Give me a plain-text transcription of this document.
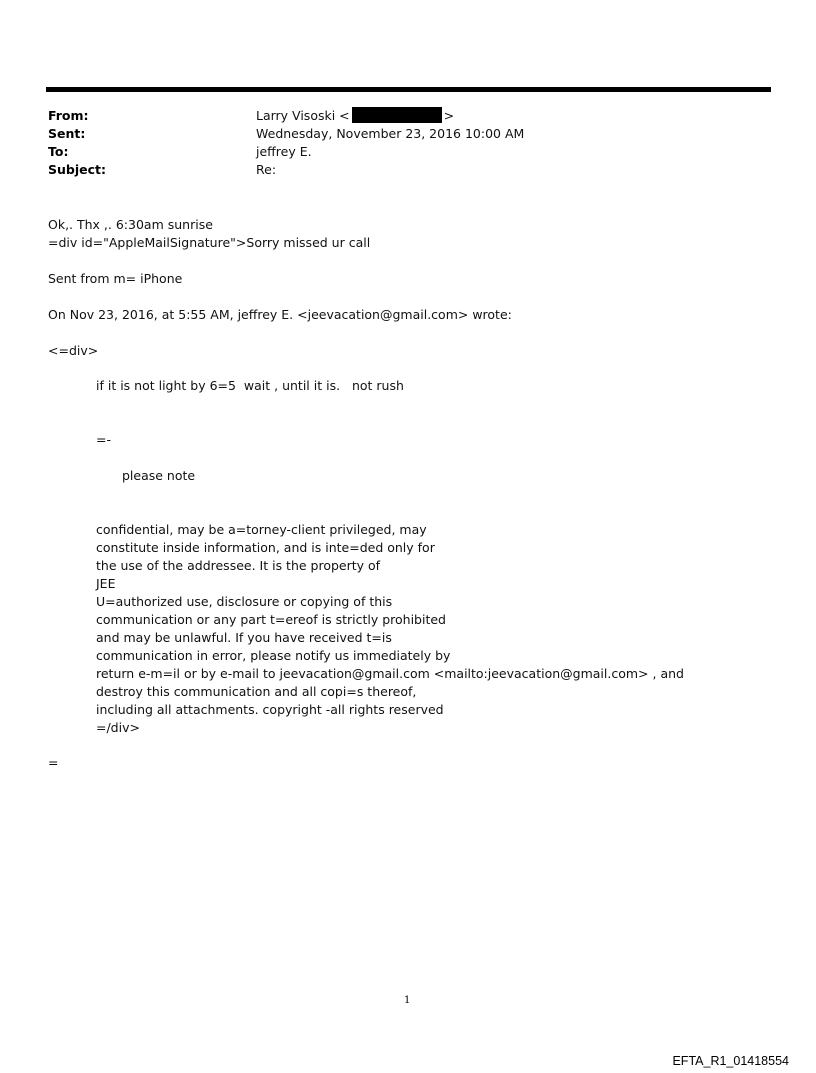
From:	Larry Visoski <	>
Sent:	Wednesday, November 23, 2016 10:00 AM
To:	jeffrey E.
Subject:	Re:
Ok,. Thx ,. 6:30am sunrise
=div id="AppleMailSignature">Sorry missed ur call
Sent from m= iPhone
On Nov 23, 2016, at 5:55 AM, jeffrey E. <jeevacation@gmail.com> wrote:
<=div>
if it is not light by 6=5  wait , until it is.   not rush
=-
please note
confidential, may be a=torney-client privileged, may
constitute inside information, and is inte=ded only for
the use of the addressee. It is the property of
JEE
U=authorized use, disclosure or copying of this
communication or any part t=ereof is strictly prohibited
and may be unlawful. If you have received t=is
communication in error, please notify us immediately by
return e-m=il or by e-mail to jeevacation@gmail.com <mailto:jeevacation@gmail.com> , and
destroy this communication and all copi=s thereof,
including all attachments. copyright -all rights reserved
=/div>
=
1
EFTA_R1_01418554
